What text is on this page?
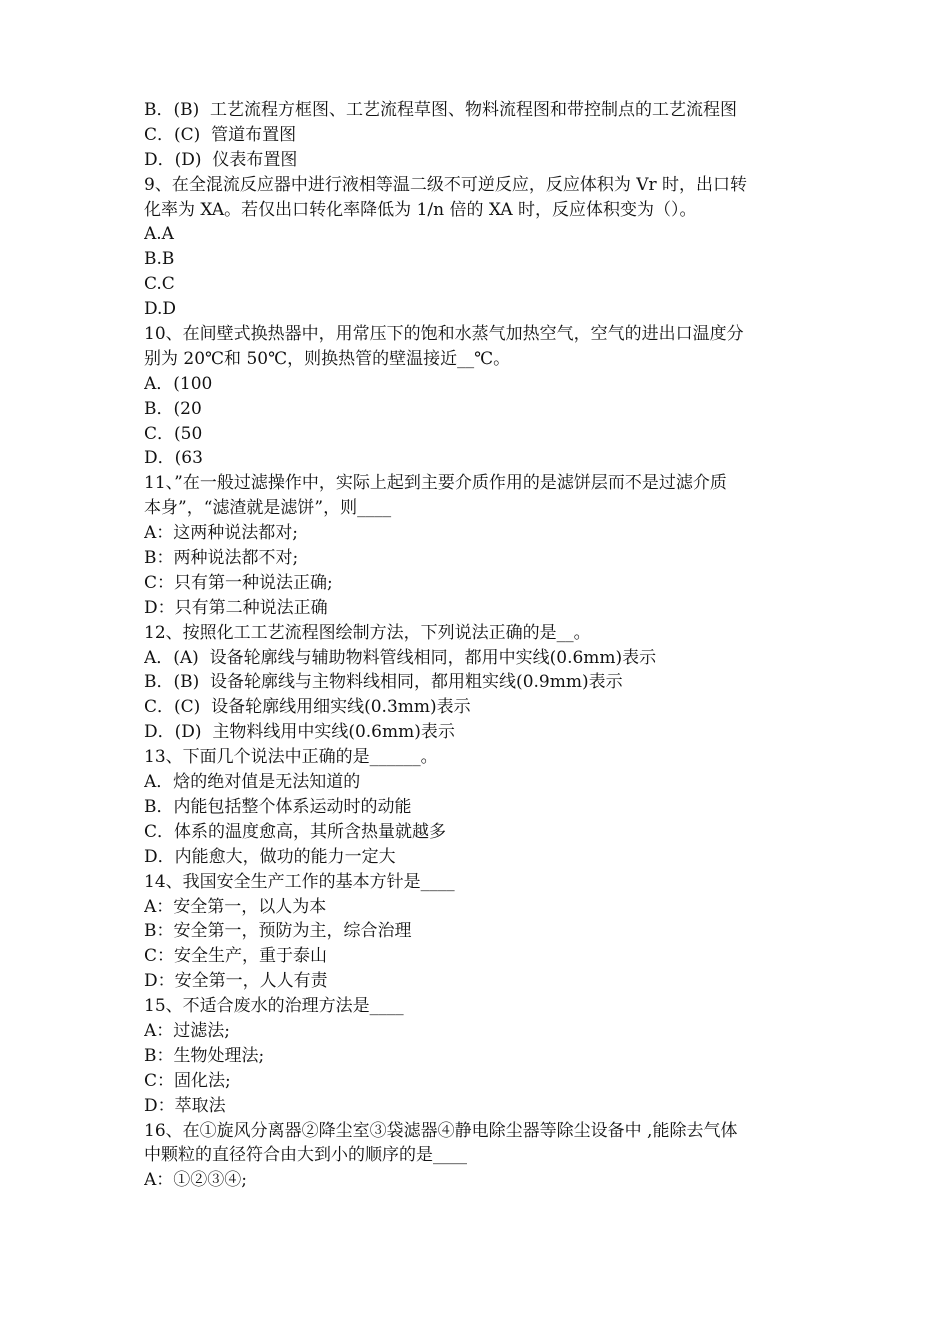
B．(B)  工艺流程方框图、工艺流程草图、物料流程图和带控制点的工艺流程图
C．(C)  管道布置图
D．(D)  仪表布置图
9、在全混流反应器中进行液相等温二级不可逆反应，反应体积为 Vr 时，出口转
化率为 XA。若仅出口转化率降低为 1/n 倍的 XA 时，反应体积变为（）。
A.A
B.B
C.C
D.D
10、在间壁式换热器中，用常压下的饱和水蒸气加热空气，空气的进出口温度分
别为 20℃和 50℃，则换热管的壁温接近__℃。
A．(100
B．(20
C．(50
D．(63
11、”在一般过滤操作中，实际上起到主要介质作用的是滤饼层而不是过滤介质
本身”，“滤渣就是滤饼”，则____
A：这两种说法都对;
B：两种说法都不对;
C：只有第一种说法正确;
D：只有第二种说法正确
12、按照化工工艺流程图绘制方法，下列说法正确的是__。
A．(A)  设备轮廓线与辅助物料管线相同，都用中实线(0.6mm)表示
B．(B)  设备轮廓线与主物料线相同，都用粗实线(0.9mm)表示
C．(C)  设备轮廓线用细实线(0.3mm)表示
D．(D)  主物料线用中实线(0.6mm)表示
13、下面几个说法中正确的是______。
A．焓的绝对值是无法知道的
B．内能包括整个体系运动时的动能
C．体系的温度愈高，其所含热量就越多
D．内能愈大，做功的能力一定大
14、我国安全生产工作的基本方针是____
A：安全第一，以人为本
B：安全第一，预防为主，综合治理
C：安全生产，重于泰山
D：安全第一，人人有责
15、不适合废水的治理方法是____
A：过滤法;
B：生物处理法;
C：固化法;
D：萃取法
16、在①旋风分离器②降尘室③袋滤器④静电除尘器等除尘设备中 ,能除去气体
中颗粒的直径符合由大到小的顺序的是____
A：①②③④;
